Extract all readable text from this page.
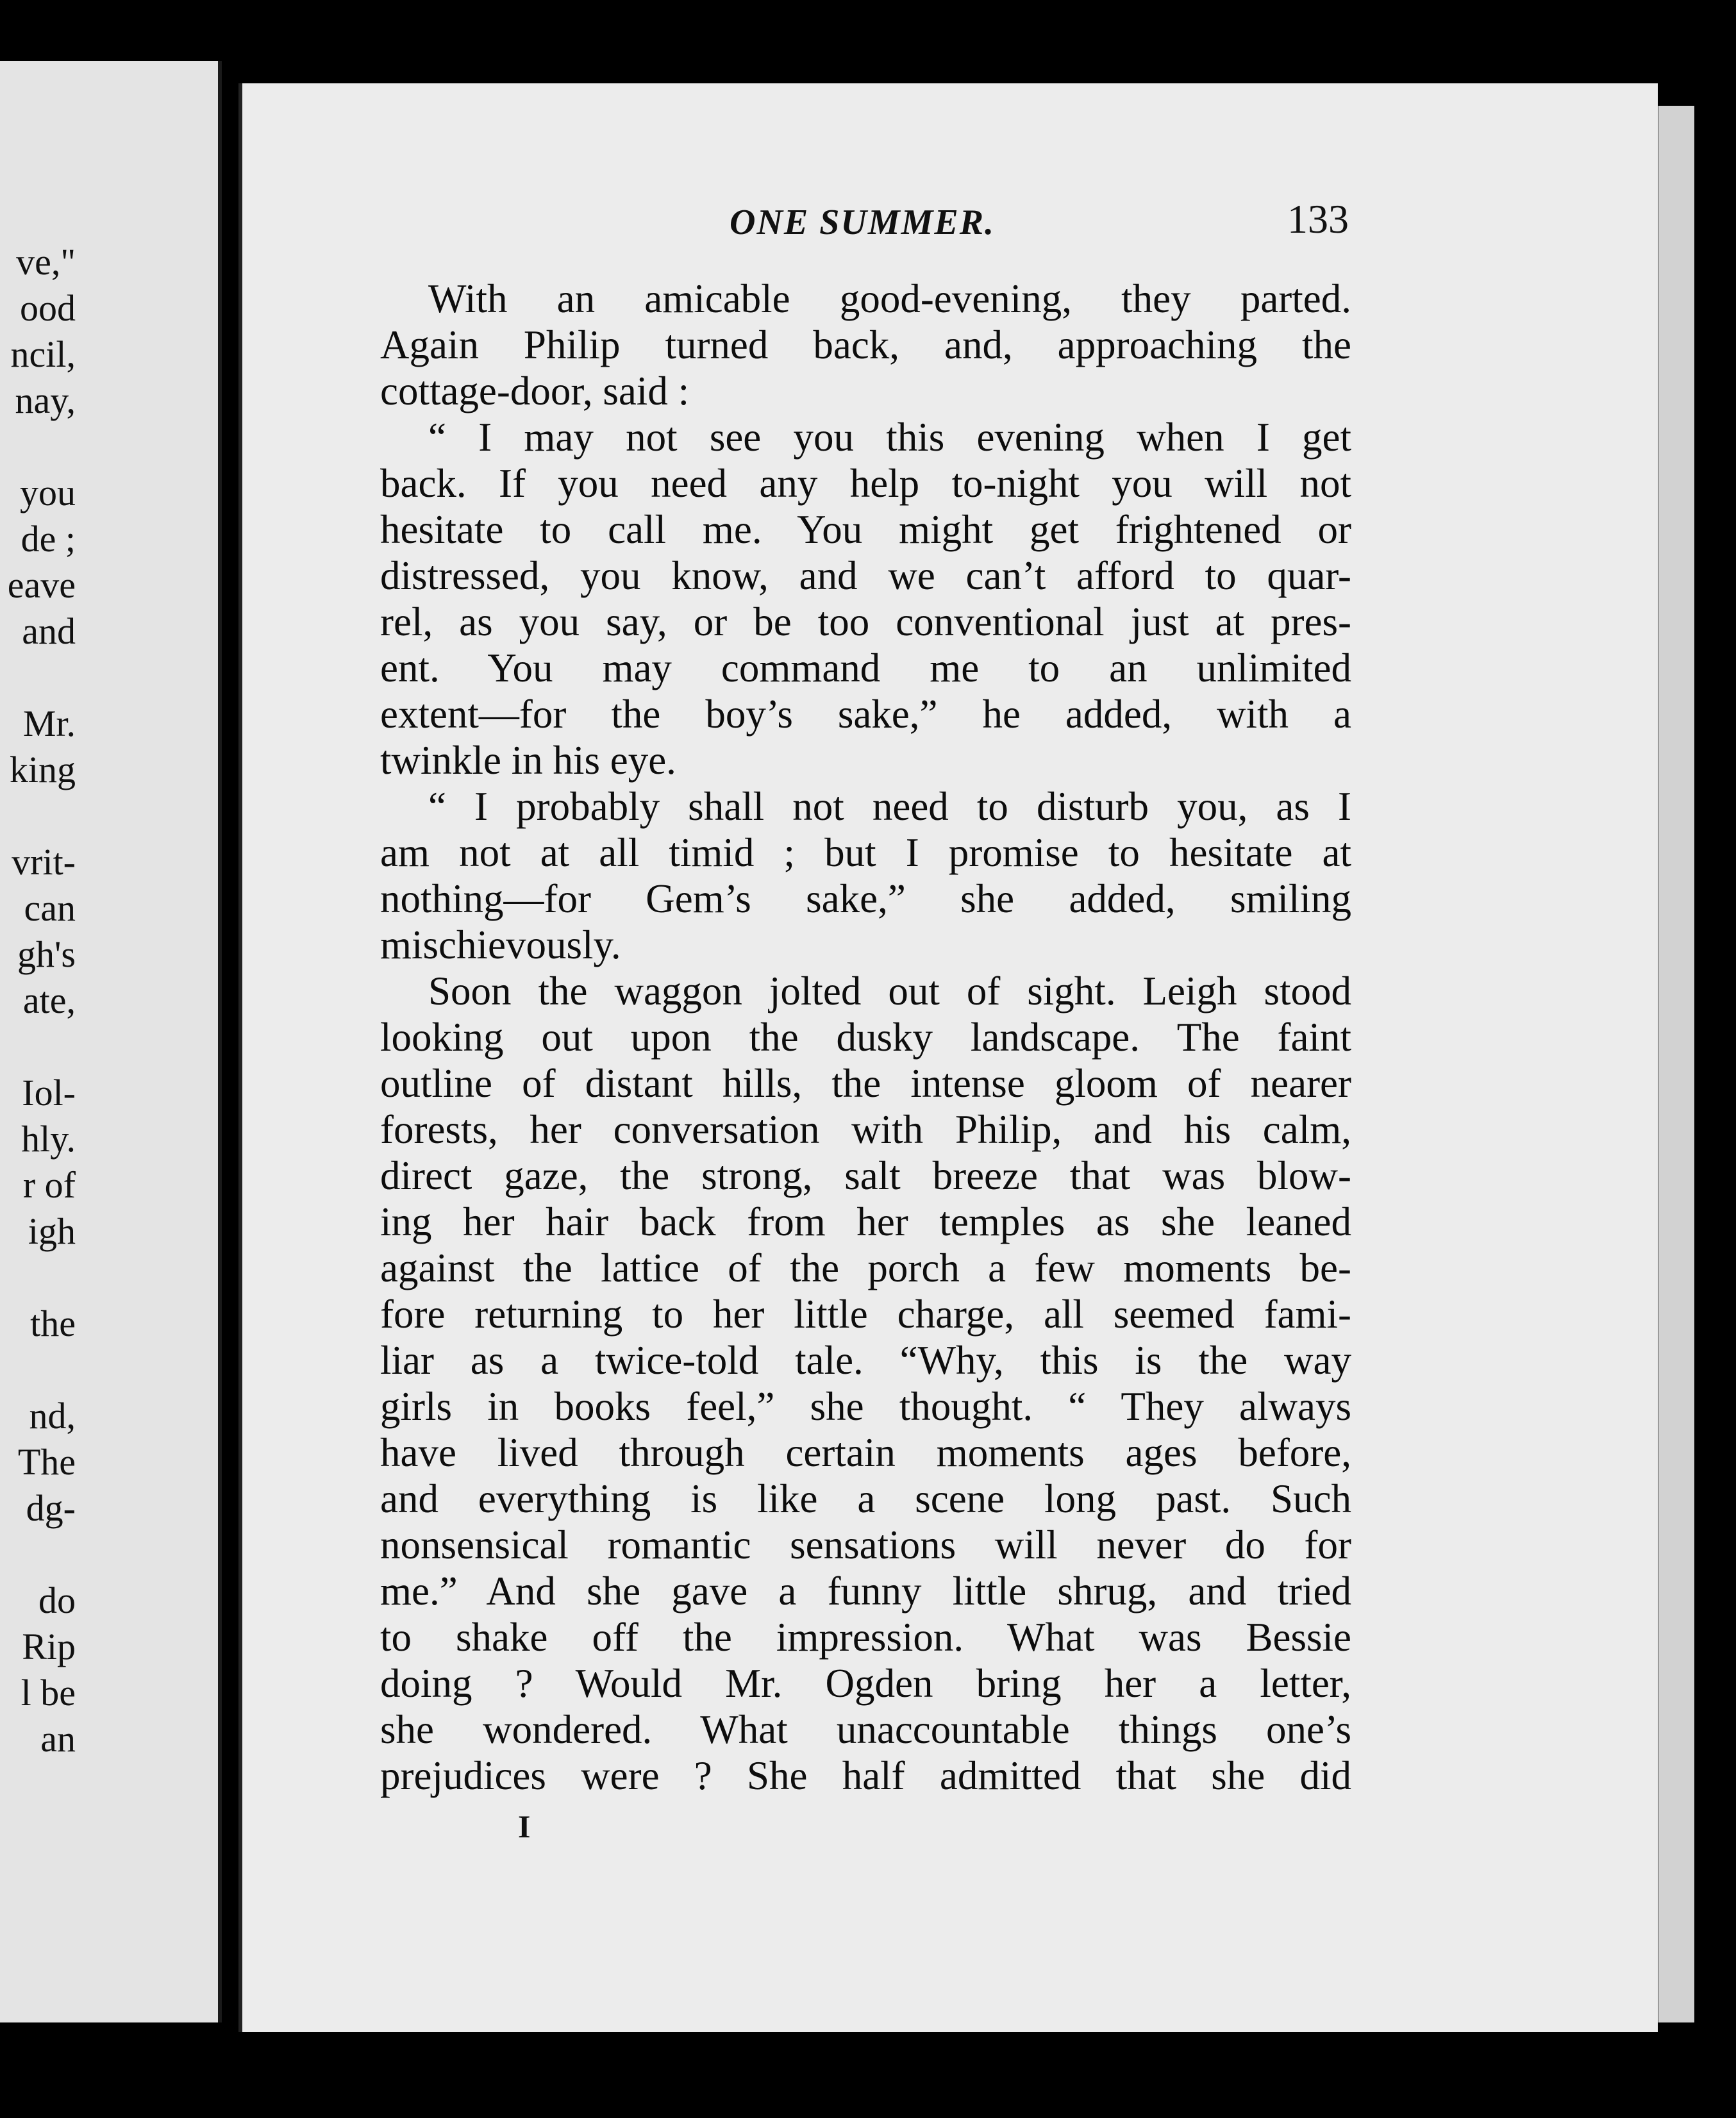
ve,"
ood
ncil,
nay,
you
de ;
eave
and
Mr.
king
vrit-
can
gh's
ate,
Iol-
hly.
r of
igh
the
nd,
The
dg-
do
Rip
l be
an
ONE SUMMER.	133
With an amicable good-evening, they parted.
Again Philip turned back, and, approaching the
cottage-door, said :
“ I may not see you this evening when I get
back. If you need any help to-night you will not
hesitate to call me. You might get frightened or
distressed, you know, and we can’t afford to quar-
rel, as you say, or be too conventional just at pres-
ent. You may command me to an unlimited
extent—for the boy’s sake,” he added, with a
twinkle in his eye.
“ I probably shall not need to disturb you, as I
am not at all timid ; but I promise to hesitate at
nothing—for Gem’s sake,” she added, smiling
mischievously.
Soon the waggon jolted out of sight. Leigh stood
looking out upon the dusky landscape. The faint
outline of distant hills, the intense gloom of nearer
forests, her conversation with Philip, and his calm,
direct gaze, the strong, salt breeze that was blow-
ing her hair back from her temples as she leaned
against the lattice of the porch a few moments be-
fore returning to her little charge, all seemed fami-
liar as a twice-told tale. “Why, this is the way
girls in books feel,” she thought. “ They always
have lived through certain moments ages before,
and everything is like a scene long past. Such
nonsensical romantic sensations will never do for
me.” And she gave a funny little shrug, and tried
to shake off the impression. What was Bessie
doing ? Would Mr. Ogden bring her a letter,
she wondered. What unaccountable things one’s
prejudices were ? She half admitted that she did
I
